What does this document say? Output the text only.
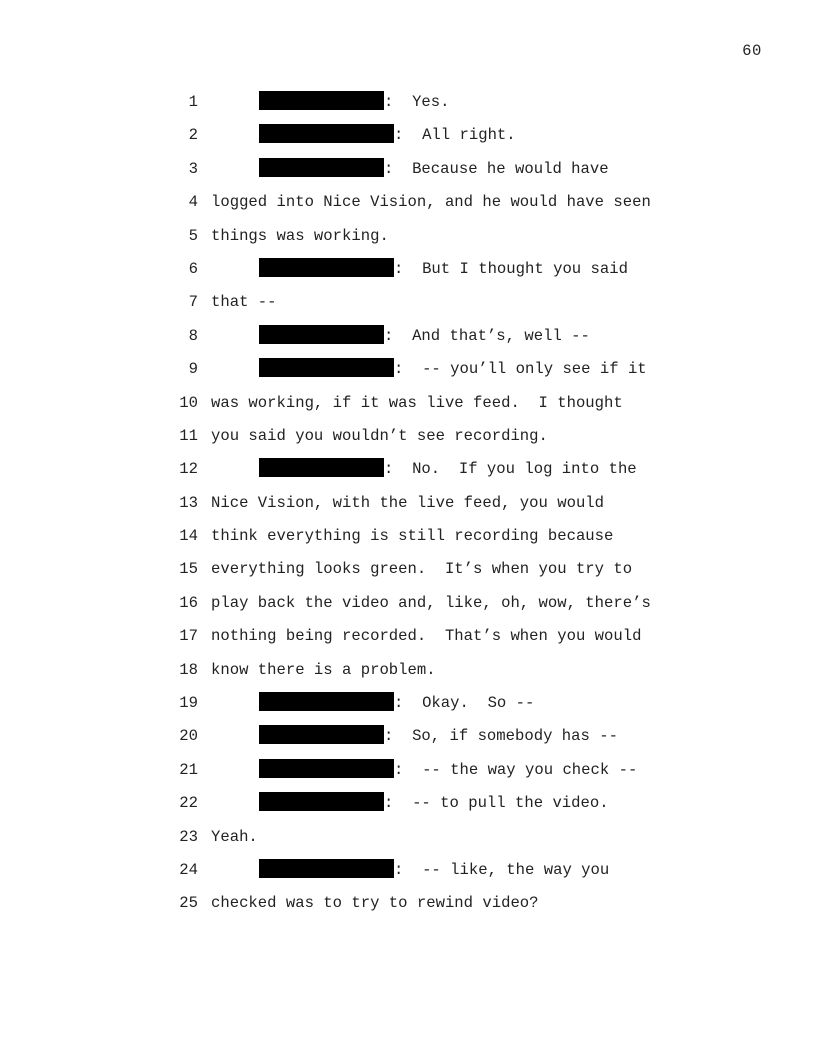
60
1	:  Yes.
2	:  All right.
3	:  Because he would have
4 logged into Nice Vision, and he would have seen
5 things was working.
6	:  But I thought you said
7 that --
8	:  And that’s, well --
9	:  -- you’ll only see if it
10 was working, if it was live feed.  I thought
11 you said you wouldn’t see recording.
12	:  No.  If you log into the
13 Nice Vision, with the live feed, you would
14 think everything is still recording because
15 everything looks green.  It’s when you try to
16 play back the video and, like, oh, wow, there’s
17 nothing being recorded.  That’s when you would
18 know there is a problem.
19	:  Okay.  So --
20	:  So, if somebody has --
21	:  -- the way you check --
22	:  -- to pull the video.
23 Yeah.
24	:  -- like, the way you
25 checked was to try to rewind video?
